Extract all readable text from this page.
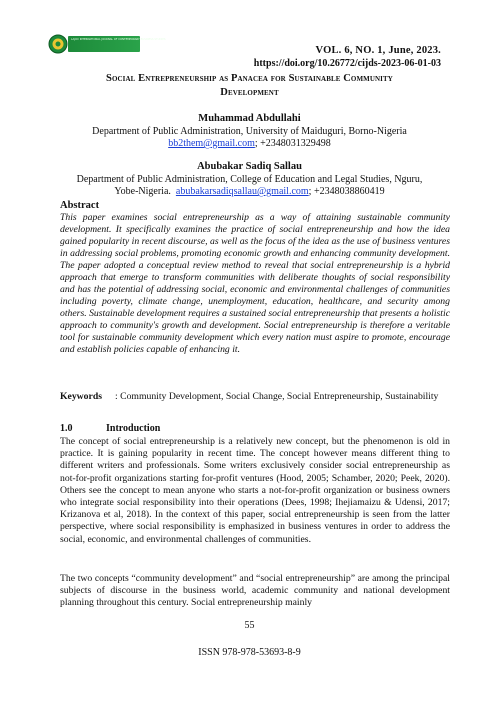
LAJOC INTERNATIONAL JOURNAL OF CONTEMPORARY BUSINESS STUDIES
VOL. 6, NO. 1, June, 2023.
https://doi.org/10.26772/cijds-2023-06-01-03
Social Entrepreneurship as Panacea for Sustainable Community
Development
Muhammad Abdullahi
Department of Public Administration, University of Maiduguri, Borno-Nigeria
bb2them@gmail.com; +2348031329498
Abubakar Sadiq Sallau
Department of Public Administration, College of Education and Legal Studies, Nguru,
Yobe-Nigeria. abubakarsadiqsallau@gmail.com; +2348038860419
Abstract

This paper examines social entrepreneurship as a way of attaining sustainable community development. It specifically examines the practice of social entrepreneurship and how the idea gained popularity in recent discourse, as well as the focus of the idea as the use of business ventures in addressing social problems, promoting economic growth and enhancing community development. The paper adopted a conceptual review method to reveal that social entrepreneurship is a hybrid approach that emerge to transform communities with deliberate thoughts of social responsibility and has the potential of addressing social, economic and environmental challenges of communities including poverty, climate change, unemployment, education, healthcare, and security among others. Sustainable development requires a sustained social entrepreneurship that presents a holistic approach to community's growth and development. Social entrepreneurship is therefore a veritable tool for sustainable community development which every nation must aspire to promote, encourage and establish policies capable of enhancing it.

Keywords	: Community Development, Social Change, Social Entrepreneurship, Sustainability
1.0	Introduction

The concept of social entrepreneurship is a relatively new concept, but the phenomenon is old in practice. It is gaining popularity in recent time. The concept however means different thing to different writers and professionals. Some writers exclusively consider social entrepreneurship as not-for-profit organizations starting for-profit ventures (Hood, 2005; Schamber, 2020; Peek, 2020). Others see the concept to mean anyone who starts a not-for-profit organization or business owners who integrate social responsibility into their operations (Dees, 1998; Ihejiamaizu & Udensi, 2017; Krizanova et al, 2018). In the context of this paper, social entrepreneurship is seen from the latter perspective, where social responsibility is emphasized in business ventures in order to address the social, economic, and environmental challenges of communities.

The two concepts “community development” and “social entrepreneurship” are among the principal subjects of discourse in the business world, academic community and national development planning throughout this century. Social entrepreneurship mainly

55
ISSN 978-978-53693-8-9
